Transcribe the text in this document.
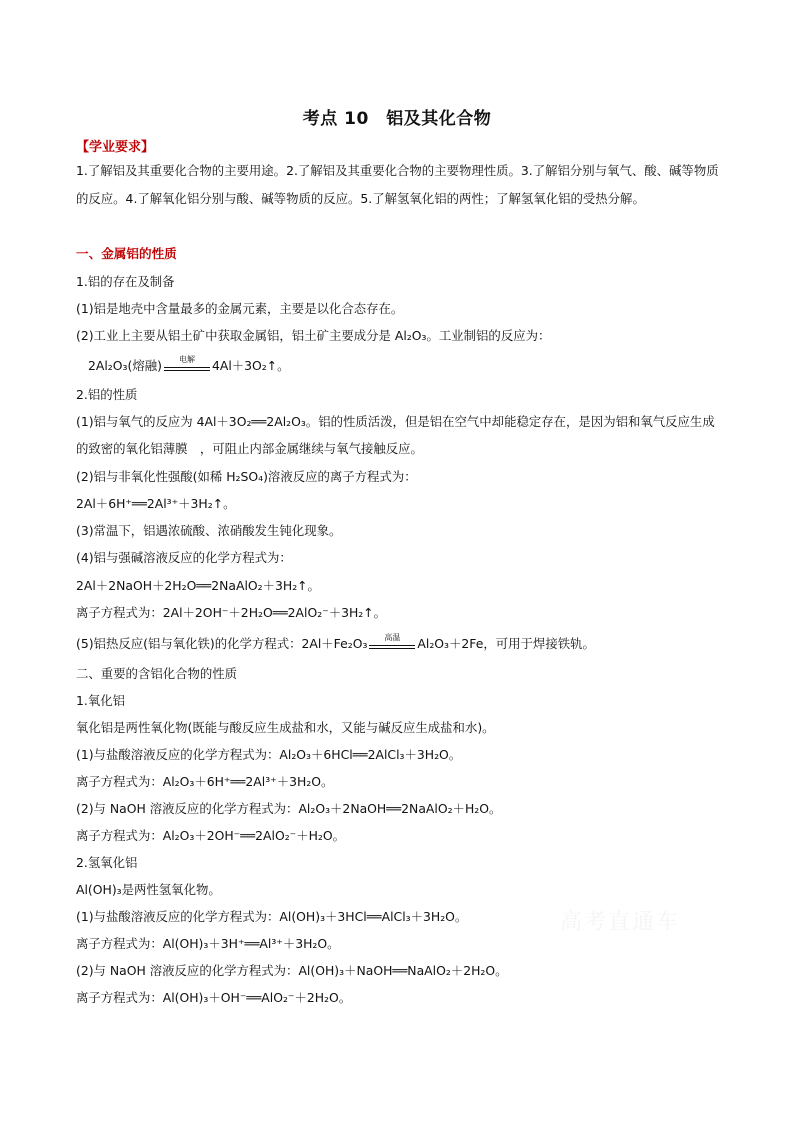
考点 10　铝及其化合物
【学业要求】
1.了解铝及其重要化合物的主要用途。2.了解铝及其重要化合物的主要物理性质。3.了解铝分别与氧气、酸、碱等物质的反应。4.了解氧化铝分别与酸、碱等物质的反应。5.了解氢氧化铝的两性；了解氢氧化铝的受热分解。
一、金属铝的性质
1.铝的存在及制备
(1)铝是地壳中含量最多的金属元素，主要是以化合态存在。
(2)工业上主要从铝土矿中获取金属铝，铝土矿主要成分是 Al₂O₃。工业制铝的反应为：
2Al₂O₃(熔融)	电解	4Al＋3O₂↑。
2.铝的性质
(1)铝与氧气的反应为 4Al＋3O₂══2Al₂O₃。铝的性质活泼，但是铝在空气中却能稳定存在，是因为铝和氧气反应生成的致密的氧化铝薄膜　，可阻止内部金属继续与氧气接触反应。
(2)铝与非氧化性强酸(如稀 H₂SO₄)溶液反应的离子方程式为：
2Al＋6H⁺══2Al³⁺＋3H₂↑。
(3)常温下，铝遇浓硫酸、浓硝酸发生钝化现象。
(4)铝与强碱溶液反应的化学方程式为：
2Al＋2NaOH＋2H₂O══2NaAlO₂＋3H₂↑。
离子方程式为：2Al＋2OH⁻＋2H₂O══2AlO₂⁻＋3H₂↑。
(5)铝热反应(铝与氧化铁)的化学方程式：2Al＋Fe₂O₃	高温	Al₂O₃＋2Fe，可用于焊接铁轨。
二、重要的含铝化合物的性质
1.氧化铝
氧化铝是两性氧化物(既能与酸反应生成盐和水，又能与碱反应生成盐和水)。
(1)与盐酸溶液反应的化学方程式为：Al₂O₃＋6HCl══2AlCl₃＋3H₂O。
离子方程式为：Al₂O₃＋6H⁺══2Al³⁺＋3H₂O。
(2)与 NaOH 溶液反应的化学方程式为：Al₂O₃＋2NaOH══2NaAlO₂＋H₂O。
离子方程式为：Al₂O₃＋2OH⁻══2AlO₂⁻＋H₂O。
2.氢氧化铝
Al(OH)₃是两性氢氧化物。
(1)与盐酸溶液反应的化学方程式为：Al(OH)₃＋3HCl══AlCl₃＋3H₂O。
离子方程式为：Al(OH)₃＋3H⁺══Al³⁺＋3H₂O。
(2)与 NaOH 溶液反应的化学方程式为：Al(OH)₃＋NaOH══NaAlO₂＋2H₂O。
离子方程式为：Al(OH)₃＋OH⁻══AlO₂⁻＋2H₂O。
高考直通车
